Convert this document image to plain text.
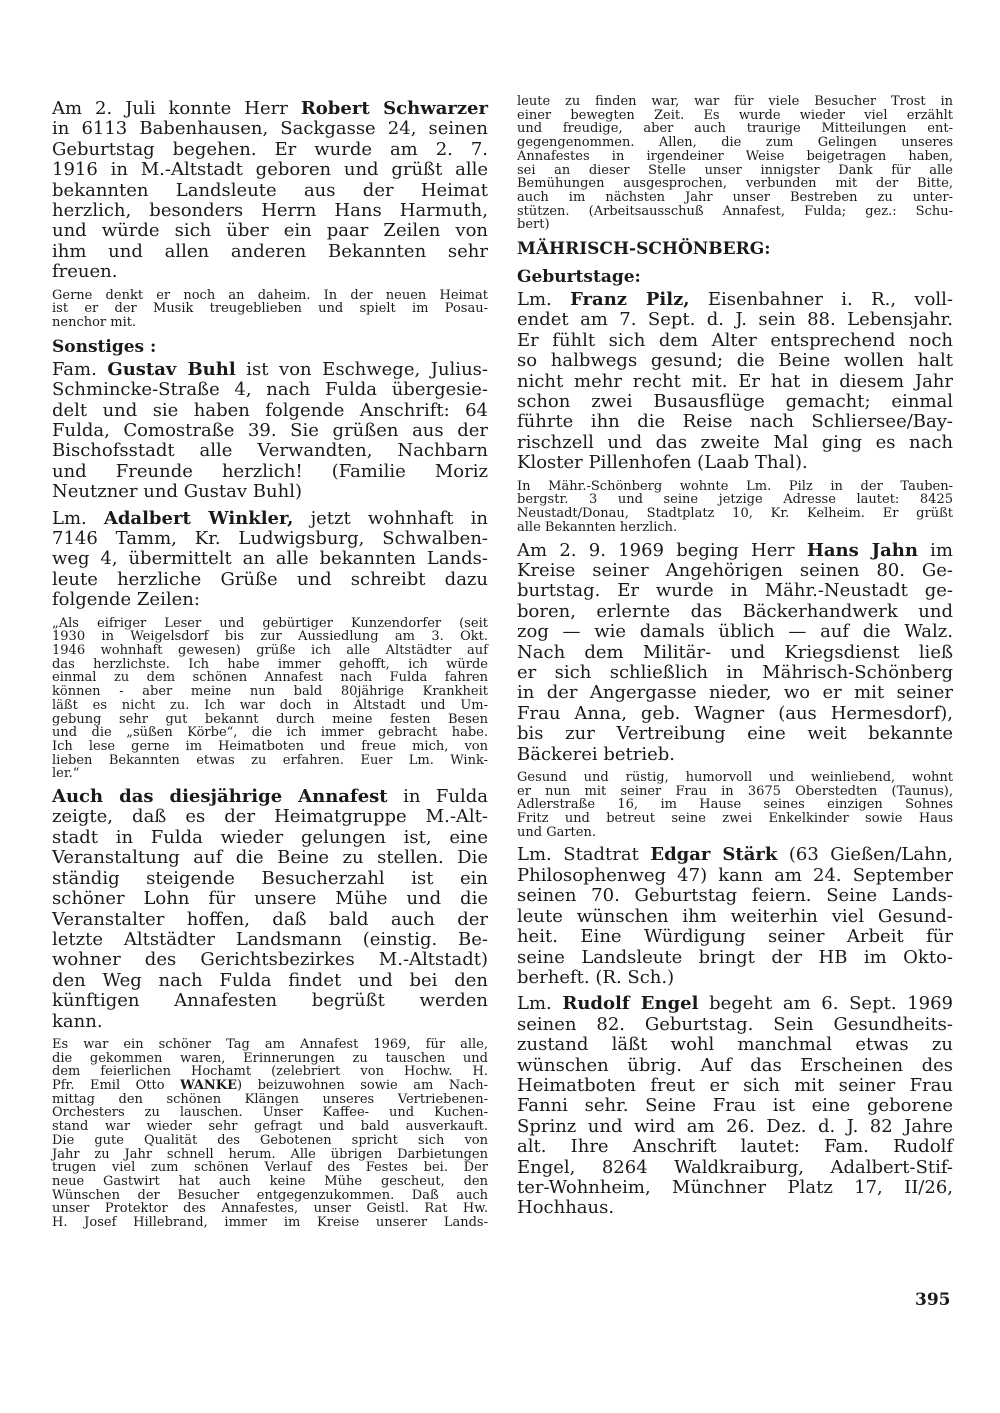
Am 2. Juli konnte Herr Robert Schwarzer
in 6113 Babenhausen, Sackgasse 24, seinen
Geburtstag begehen. Er wurde am 2. 7.
1916 in M.-Altstadt geboren und grüßt alle
bekannten Landsleute aus der Heimat
herzlich, besonders Herrn Hans Harmuth,
und würde sich über ein paar Zeilen von
ihm und allen anderen Bekannten sehr
freuen.
Gerne denkt er noch an daheim. In der neuen Heimat
ist er der Musik treugeblieben und spielt im Posau-
nenchor mit.
Sonstiges :
Fam. Gustav Buhl ist von Eschwege, Julius-
Schmincke-Straße 4, nach Fulda übergesie-
delt und sie haben folgende Anschrift: 64
Fulda, Comostraße 39. Sie grüßen aus der
Bischofsstadt alle Verwandten, Nachbarn
und Freunde herzlich! (Familie Moriz
Neutzner und Gustav Buhl)
Lm. Adalbert Winkler, jetzt wohnhaft in
7146 Tamm, Kr. Ludwigsburg, Schwalben-
weg 4, übermittelt an alle bekannten Lands-
leute herzliche Grüße und schreibt dazu
folgende Zeilen:
„Als eifriger Leser und gebürtiger Kunzendorfer (seit
1930 in Weigelsdorf bis zur Aussiedlung am 3. Okt.
1946 wohnhaft gewesen) grüße ich alle Altstädter auf
das herzlichste. Ich habe immer gehofft, ich würde
einmal zu dem schönen Annafest nach Fulda fahren
können - aber meine nun bald 80jährige Krankheit
läßt es nicht zu. Ich war doch in Altstadt und Um-
gebung sehr gut bekannt durch meine festen Besen
und die „süßen Körbe“, die ich immer gebracht habe.
Ich lese gerne im Heimatboten und freue mich, von
lieben Bekannten etwas zu erfahren. Euer Lm. Wink-
ler.“
Auch das diesjährige Annafest in Fulda
zeigte, daß es der Heimatgruppe M.-Alt-
stadt in Fulda wieder gelungen ist, eine
Veranstaltung auf die Beine zu stellen. Die
ständig steigende Besucherzahl ist ein
schöner Lohn für unsere Mühe und die
Veranstalter hoffen, daß bald auch der
letzte Altstädter Landsmann (einstig. Be-
wohner des Gerichtsbezirkes M.-Altstadt)
den Weg nach Fulda findet und bei den
künftigen Annafesten begrüßt werden
kann.
Es war ein schöner Tag am Annafest 1969, für alle,
die gekommen waren, Erinnerungen zu tauschen und
dem feierlichen Hochamt (zelebriert von Hochw. H.
Pfr. Emil Otto WANKE) beizuwohnen sowie am Nach-
mittag den schönen Klängen unseres Vertriebenen-
Orchesters zu lauschen. Unser Kaffee- und Kuchen-
stand war wieder sehr gefragt und bald ausverkauft.
Die gute Qualität des Gebotenen spricht sich von
Jahr zu Jahr schnell herum. Alle übrigen Darbietungen
trugen viel zum schönen Verlauf des Festes bei. Der
neue Gastwirt hat auch keine Mühe gescheut, den
Wünschen der Besucher entgegenzukommen. Daß auch
unser Protektor des Annafestes, unser Geistl. Rat Hw.
H. Josef Hillebrand, immer im Kreise unserer Lands-
leute zu finden war, war für viele Besucher Trost in
einer bewegten Zeit. Es wurde wieder viel erzählt
und freudige, aber auch traurige Mitteilungen ent-
gegengenommen. Allen, die zum Gelingen unseres
Annafestes in irgendeiner Weise beigetragen haben,
sei an dieser Stelle unser innigster Dank für alle
Bemühungen ausgesprochen, verbunden mit der Bitte,
auch im nächsten Jahr unser Bestreben zu unter-
stützen. (Arbeitsausschuß Annafest, Fulda; gez.: Schu-
bert)
MÄHRISCH-SCHÖNBERG:
Geburtstage:
Lm. Franz Pilz, Eisenbahner i. R., voll-
endet am 7. Sept. d. J. sein 88. Lebensjahr.
Er fühlt sich dem Alter entsprechend noch
so halbwegs gesund; die Beine wollen halt
nicht mehr recht mit. Er hat in diesem Jahr
schon zwei Busausflüge gemacht; einmal
führte ihn die Reise nach Schliersee/Bay-
rischzell und das zweite Mal ging es nach
Kloster Pillenhofen (Laab Thal).
In Mähr.-Schönberg wohnte Lm. Pilz in der Tauben-
bergstr. 3 und seine jetzige Adresse lautet: 8425
Neustadt/Donau, Stadtplatz 10, Kr. Kelheim. Er grüßt
alle Bekannten herzlich.
Am 2. 9. 1969 beging Herr Hans Jahn im
Kreise seiner Angehörigen seinen 80. Ge-
burtstag. Er wurde in Mähr.-Neustadt ge-
boren, erlernte das Bäckerhandwerk und
zog — wie damals üblich — auf die Walz.
Nach dem Militär- und Kriegsdienst ließ
er sich schließlich in Mährisch-Schönberg
in der Angergasse nieder, wo er mit seiner
Frau Anna, geb. Wagner (aus Hermesdorf),
bis zur Vertreibung eine weit bekannte
Bäckerei betrieb.
Gesund und rüstig, humorvoll und weinliebend, wohnt
er nun mit seiner Frau in 3675 Oberstedten (Taunus),
Adlerstraße 16, im Hause seines einzigen Sohnes
Fritz und betreut seine zwei Enkelkinder sowie Haus
und Garten.
Lm. Stadtrat Edgar Stärk (63 Gießen/Lahn,
Philosophenweg 47) kann am 24. September
seinen 70. Geburtstag feiern. Seine Lands-
leute wünschen ihm weiterhin viel Gesund-
heit. Eine Würdigung seiner Arbeit für
seine Landsleute bringt der HB im Okto-
berheft. (R. Sch.)
Lm. Rudolf Engel begeht am 6. Sept. 1969
seinen 82. Geburtstag. Sein Gesundheits-
zustand läßt wohl manchmal etwas zu
wünschen übrig. Auf das Erscheinen des
Heimatboten freut er sich mit seiner Frau
Fanni sehr. Seine Frau ist eine geborene
Sprinz und wird am 26. Dez. d. J. 82 Jahre
alt. Ihre Anschrift lautet: Fam. Rudolf
Engel, 8264 Waldkraiburg, Adalbert-Stif-
ter-Wohnheim, Münchner Platz 17, II/26,
Hochhaus.
395
